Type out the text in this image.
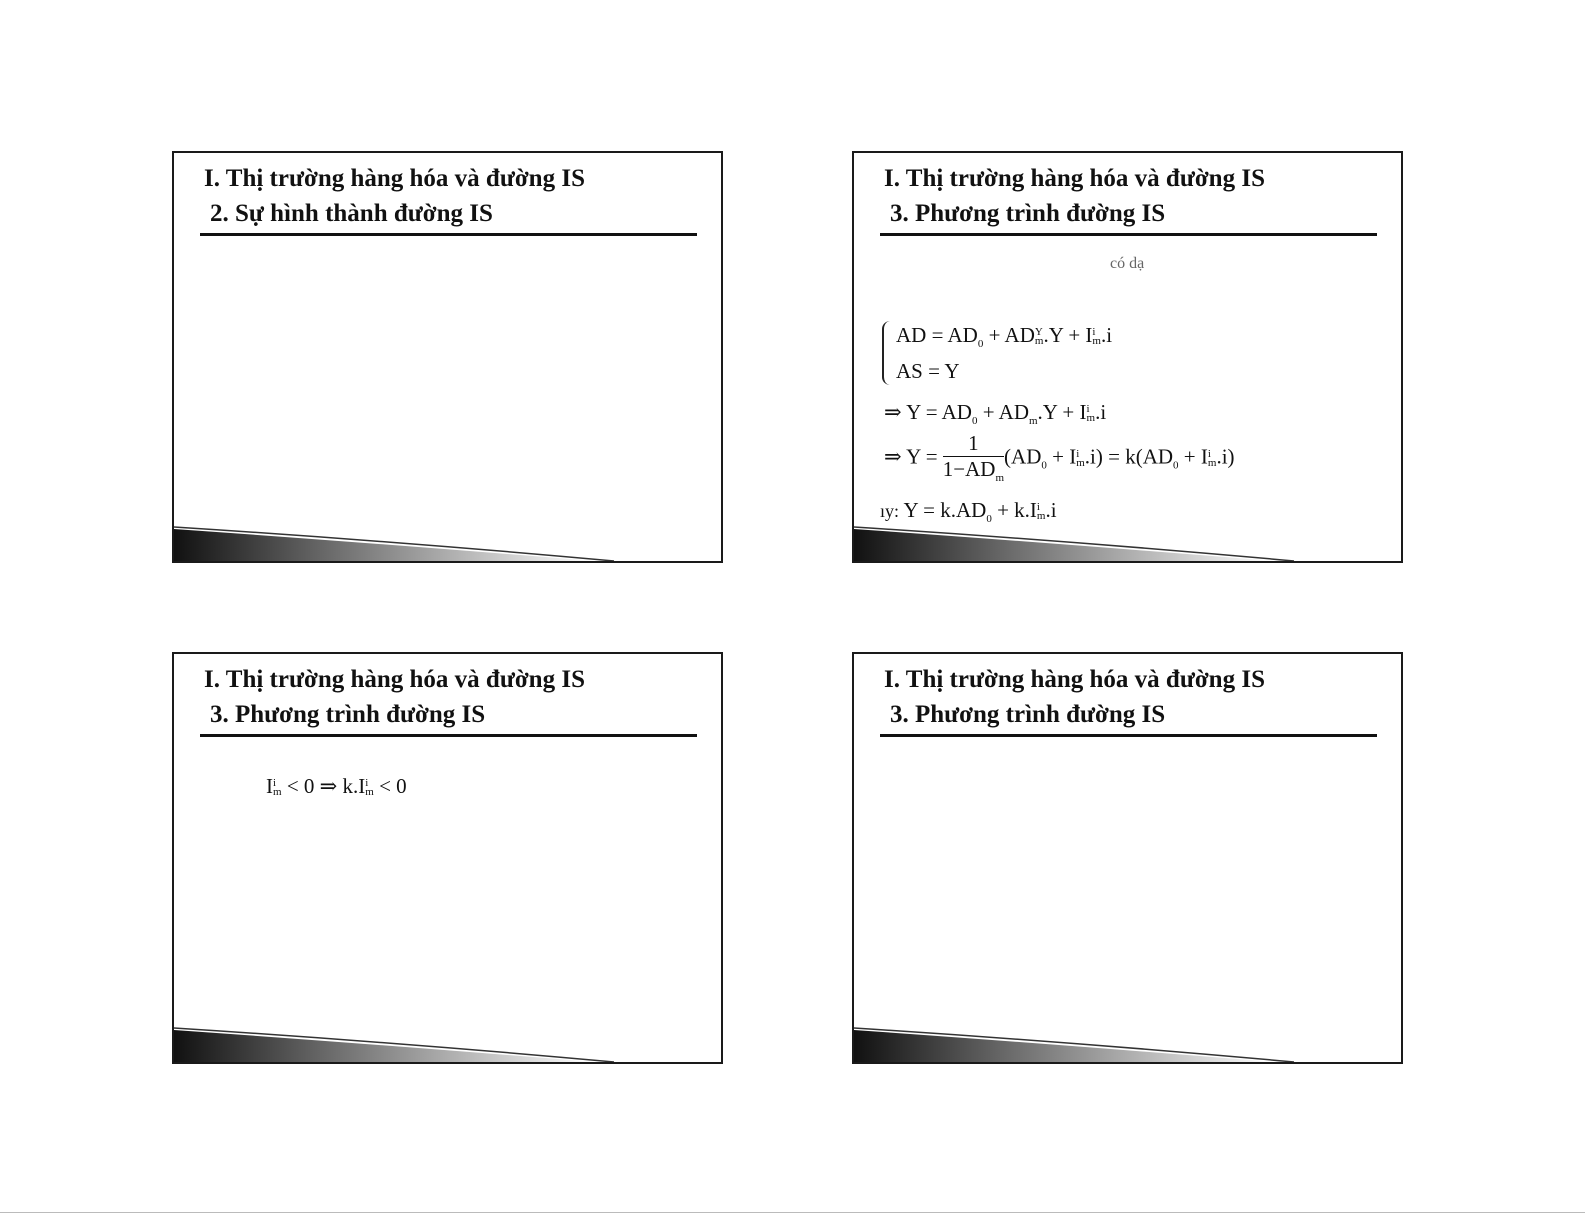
I. Thị trường hàng hóa và đường IS
2. Sự hình thành đường IS
I. Thị trường hàng hóa và đường IS
3. Phương trình đường IS
có dạ
AD = $AD_0$ + AD Y
m .Y + I i
m .i
AS = Y
⇒ $Y = AD_0 + AD_m.Y + I$ i
m .i
⇒ $Y = \frac{1}{1-AD_m} (AD_0 + I$ i
m $.i) = k(AD_0 + I$ i
m .i)
ıy: $Y = k.AD_0 + k.I$ i
m .i
I. Thị trường hàng hóa và đường IS
3. Phương trình đường IS
I i
m < 0 ⇒ k.I i
m < 0
I. Thị trường hàng hóa và đường IS
3. Phương trình đường IS
